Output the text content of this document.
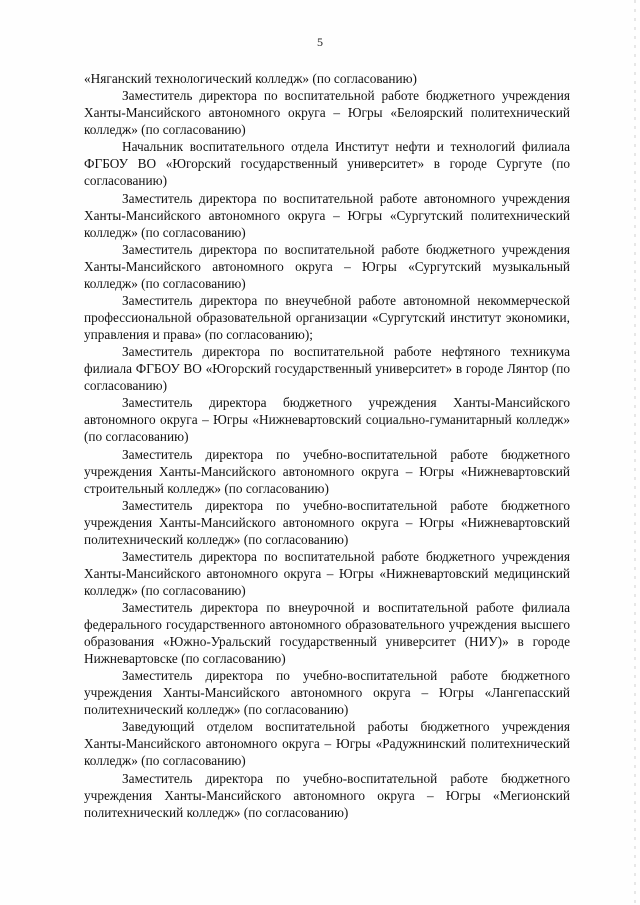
5

«Няганский технологический колледж» (по согласованию)

Заместитель директора по воспитательной работе бюджетного учреждения Ханты-Мансийского автономного округа – Югры «Белоярский политехнический колледж» (по согласованию)

Начальник воспитательного отдела Институт нефти и технологий филиала ФГБОУ ВО «Югорский государственный университет» в городе Сургуте (по согласованию)

Заместитель директора по воспитательной работе автономного учреждения Ханты-Мансийского автономного округа – Югры «Сургутский политехнический колледж» (по согласованию)

Заместитель директора по воспитательной работе бюджетного учреждения Ханты-Мансийского автономного округа – Югры «Сургутский музыкальный колледж» (по согласованию)

Заместитель директора по внеучебной работе автономной некоммерческой профессиональной образовательной организации «Сургутский институт экономики, управления и права» (по согласованию);

Заместитель директора по воспитательной работе нефтяного техникума филиала ФГБОУ ВО «Югорский государственный университет» в городе Лянтор (по согласованию)

Заместитель директора бюджетного учреждения Ханты-Мансийского автономного округа – Югры «Нижневартовский социально-гуманитарный колледж» (по согласованию)

Заместитель директора по учебно-воспитательной работе бюджетного учреждения Ханты-Мансийского автономного округа – Югры «Нижневартовский строительный колледж» (по согласованию)

Заместитель директора по учебно-воспитательной работе бюджетного учреждения Ханты-Мансийского автономного округа – Югры «Нижневартовский политехнический колледж» (по согласованию)

Заместитель директора по воспитательной работе бюджетного учреждения Ханты-Мансийского автономного округа – Югры «Нижневартовский медицинский колледж» (по согласованию)

Заместитель директора по внеурочной и воспитательной работе филиала федерального государственного автономного образовательного учреждения высшего образования «Южно-Уральский государственный университет (НИУ)» в городе Нижневартовске (по согласованию)

Заместитель директора по учебно-воспитательной работе бюджетного учреждения Ханты-Мансийского автономного округа – Югры «Лангепасский политехнический колледж» (по согласованию)

Заведующий отделом воспитательной работы бюджетного учреждения Ханты-Мансийского автономного округа – Югры «Радужнинский политехнический колледж» (по согласованию)

Заместитель директора по учебно-воспитательной работе бюджетного учреждения Ханты-Мансийского автономного округа – Югры «Мегионский политехнический колледж» (по согласованию)
